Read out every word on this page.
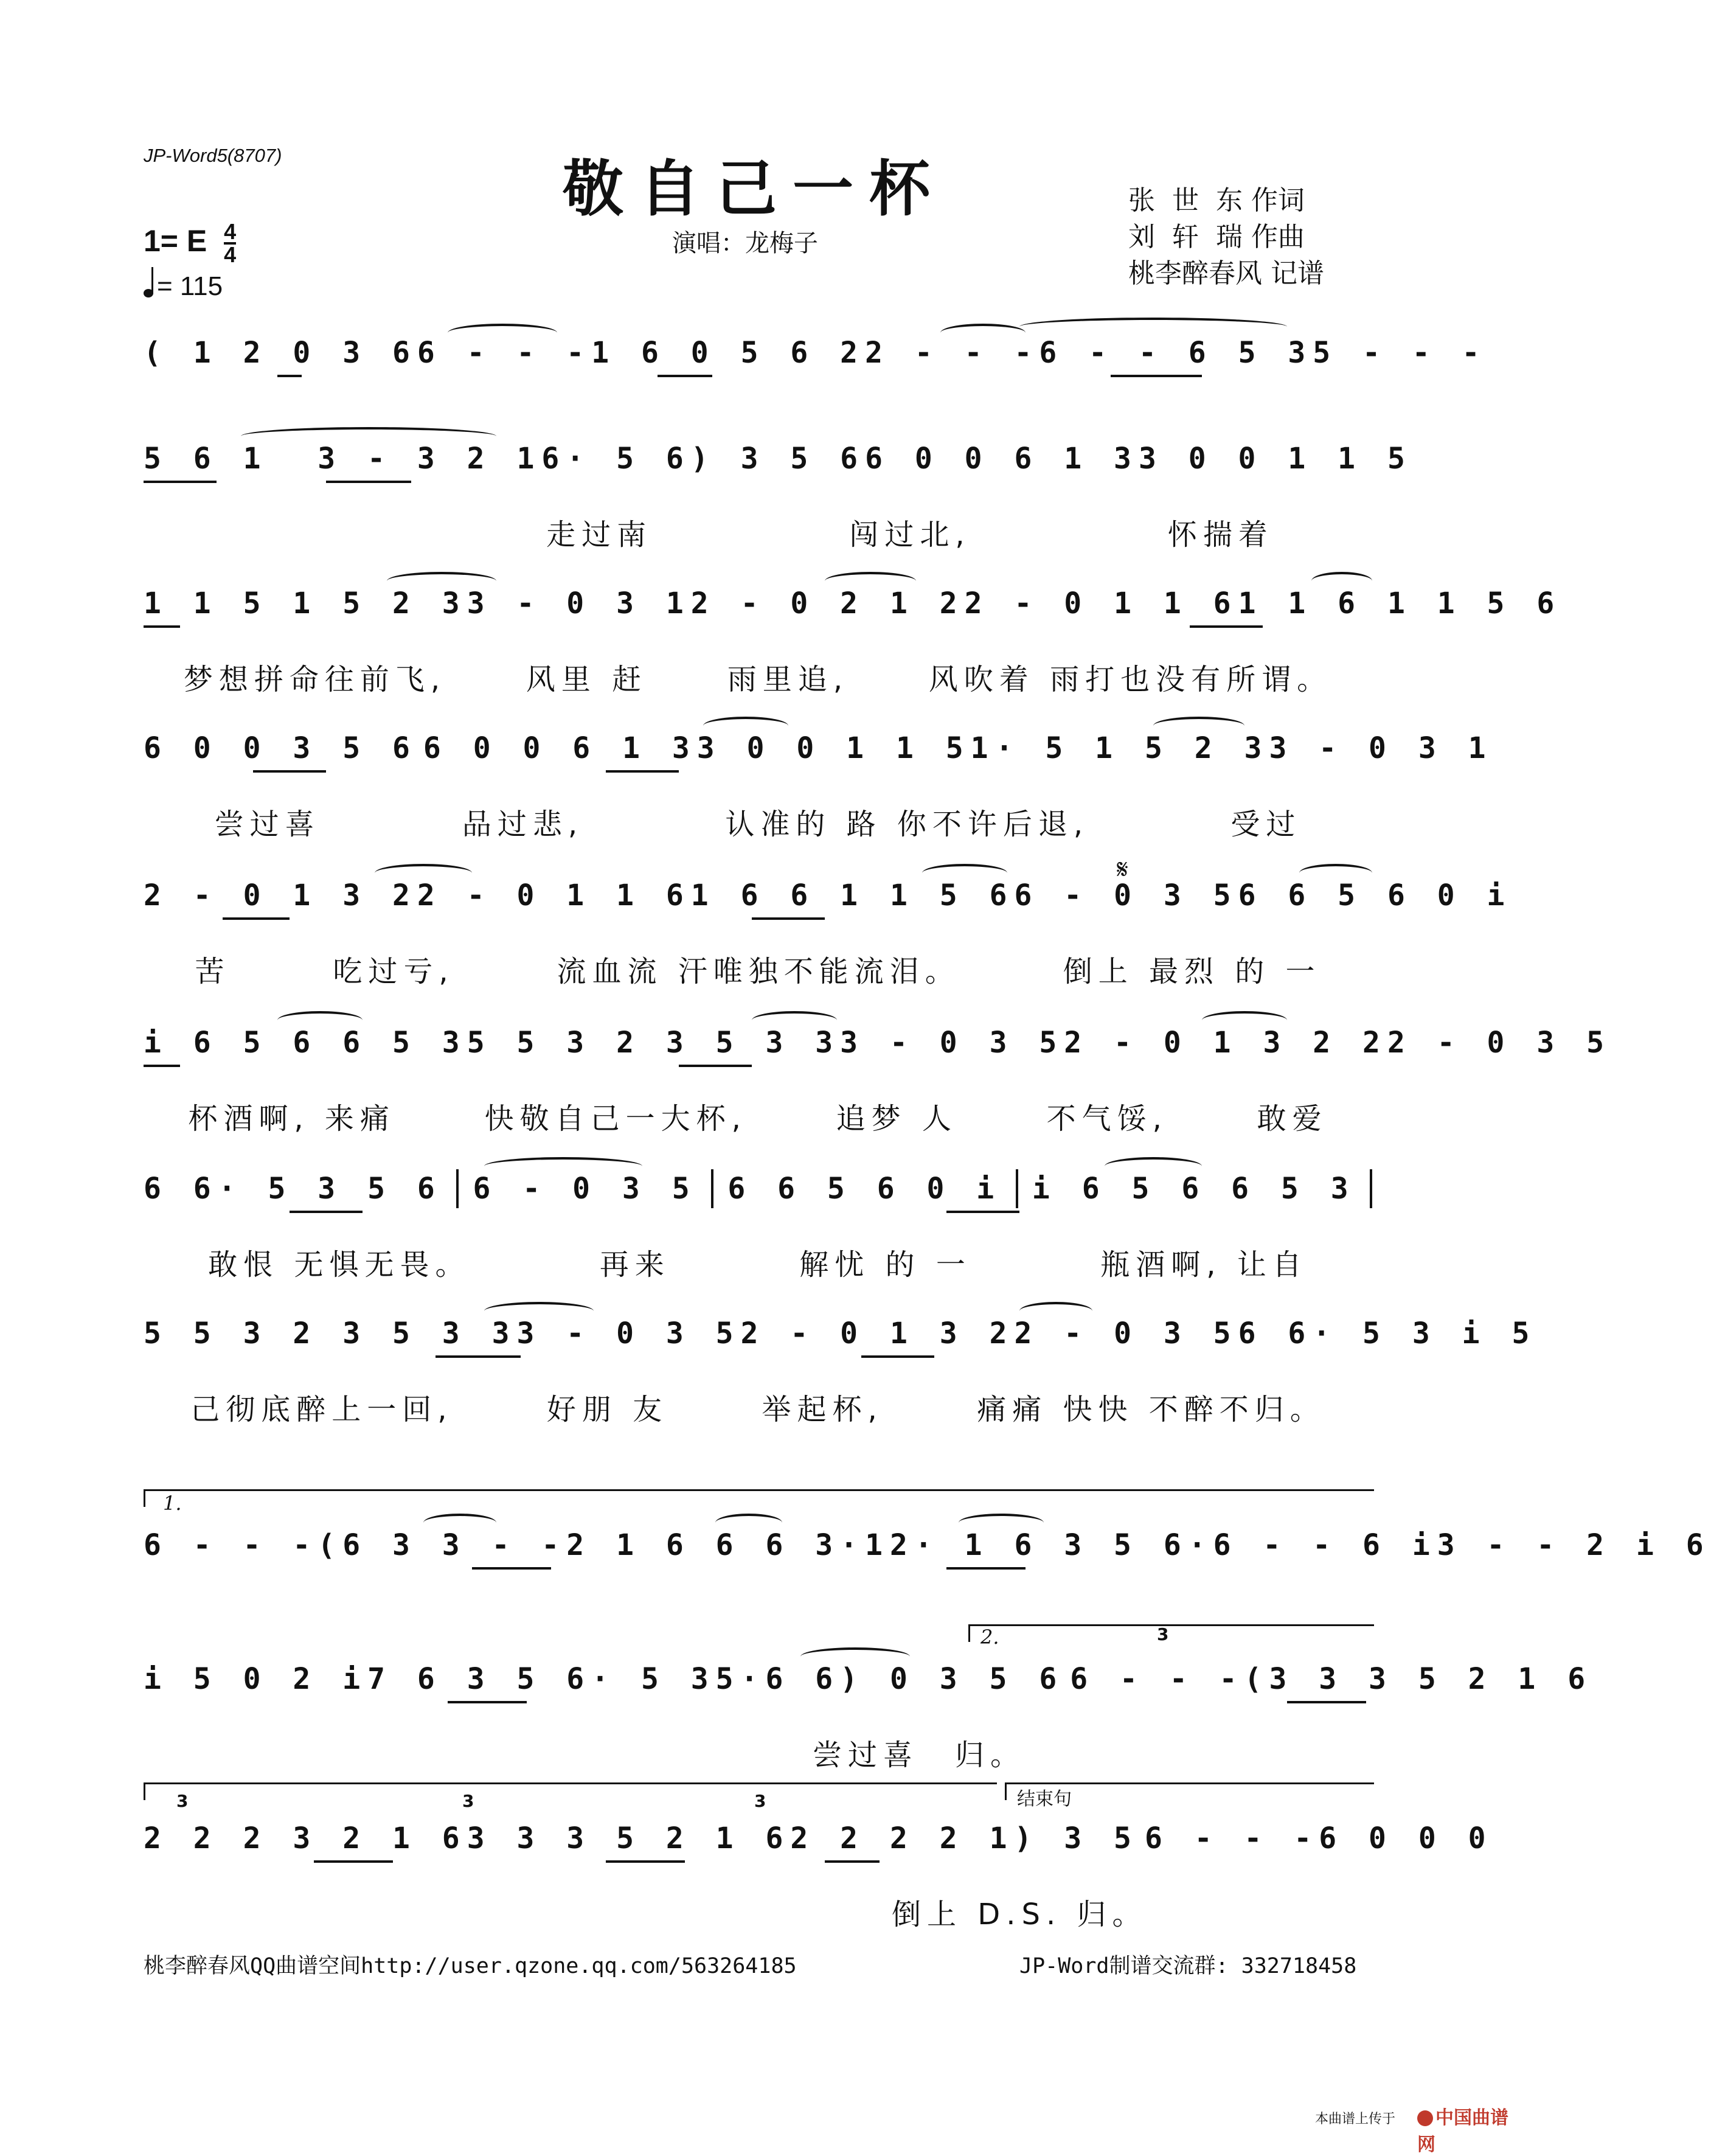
JP-Word5(8707)	敬自己一杯
演唱：龙梅子
张  世  东 作词
刘  轩  瑞 作曲
桃李醉春风 记谱
1= E $\frac{4}{4}$
= 115
( 1 2 0 3 6 6 - - - 1 6 0 5 6 2 2 - - - 6 - - 6 5 3 5 - - -
5 6 1  3 - 3 2 1 6· 5 6) 3 5 6 6 0 0 6 1 3 3 0 0 1 1 5
走过南	闯过北,	怀揣着
1 1 5 1 5 2 3 3 - 0 3 1 2 - 0 2 1 2 2 - 0 1 1 6 1 1 6 1 1 5 6
梦想拼命往前飞,	风里 赶	雨里追,	风吹着 雨打也没有所谓。
6 0 0 3 5 6 6 0 0 6 1 3 3 0 0 1 1 5 1· 5 1 5 2 3 3 - 0 3 1
尝过喜	品过悲,	认准的 路 你不许后退,	受过
𝄋
2 - 0 1 3 2 2 - 0 1 1 6 1 6 6 1 1 5 6 6 - 0 3 5 6 6 5 6 0 i
苦	吃过亏,	流血流 汗唯独不能流泪。	倒上 最烈 的 一
i 6 5 6 6 5 3 5 5 3 2 3 5 3 3 3 - 0 3 5 2 - 0 1 3 2 2 2 - 0 3 5
杯酒啊, 来痛	快敬自己一大杯,	追梦 人	不气馁,	敢爱
6 6· 5 3 5 6 6 - 0 3 5 6 6 5 6 0 i i 6 5 6 6 5 3
敢恨 无惧无畏。	再来	解忧 的 一	瓶酒啊, 让自
5 5 3 2 3 5 3 3 3 - 0 3 5 2 - 0 1 3 2 2 - 0 3 5 6 6· 5 3 i 5
己彻底醉上一回,	好朋 友	举起杯,	痛痛 快快 不醉不归。
1.
6 - - - (6 3 3 - - 2 1 6 6 6 3·1 2· 1 6 3 5 6· 6 - - 6 i 3 - - 2 i 6
2.	3
i 5 0 2 i 7 6 3 5 6· 5 3 5·6 6) 0 3 5 6 6 - - - (3 3 3 5 2 1 6
尝过喜 归。
结束句
3	3	3
2 2 2 3 2 1 6 3 3 3 5 2 1 6 2 2 2 2 1) 3 5 6 - - - 6 0 0 0
倒上 D.S. 归。
桃李醉春风QQ曲谱空间http://user.qzone.qq.com/563264185	JP-Word制谱交流群: 332718458
本曲谱上传于	中国曲谱网
